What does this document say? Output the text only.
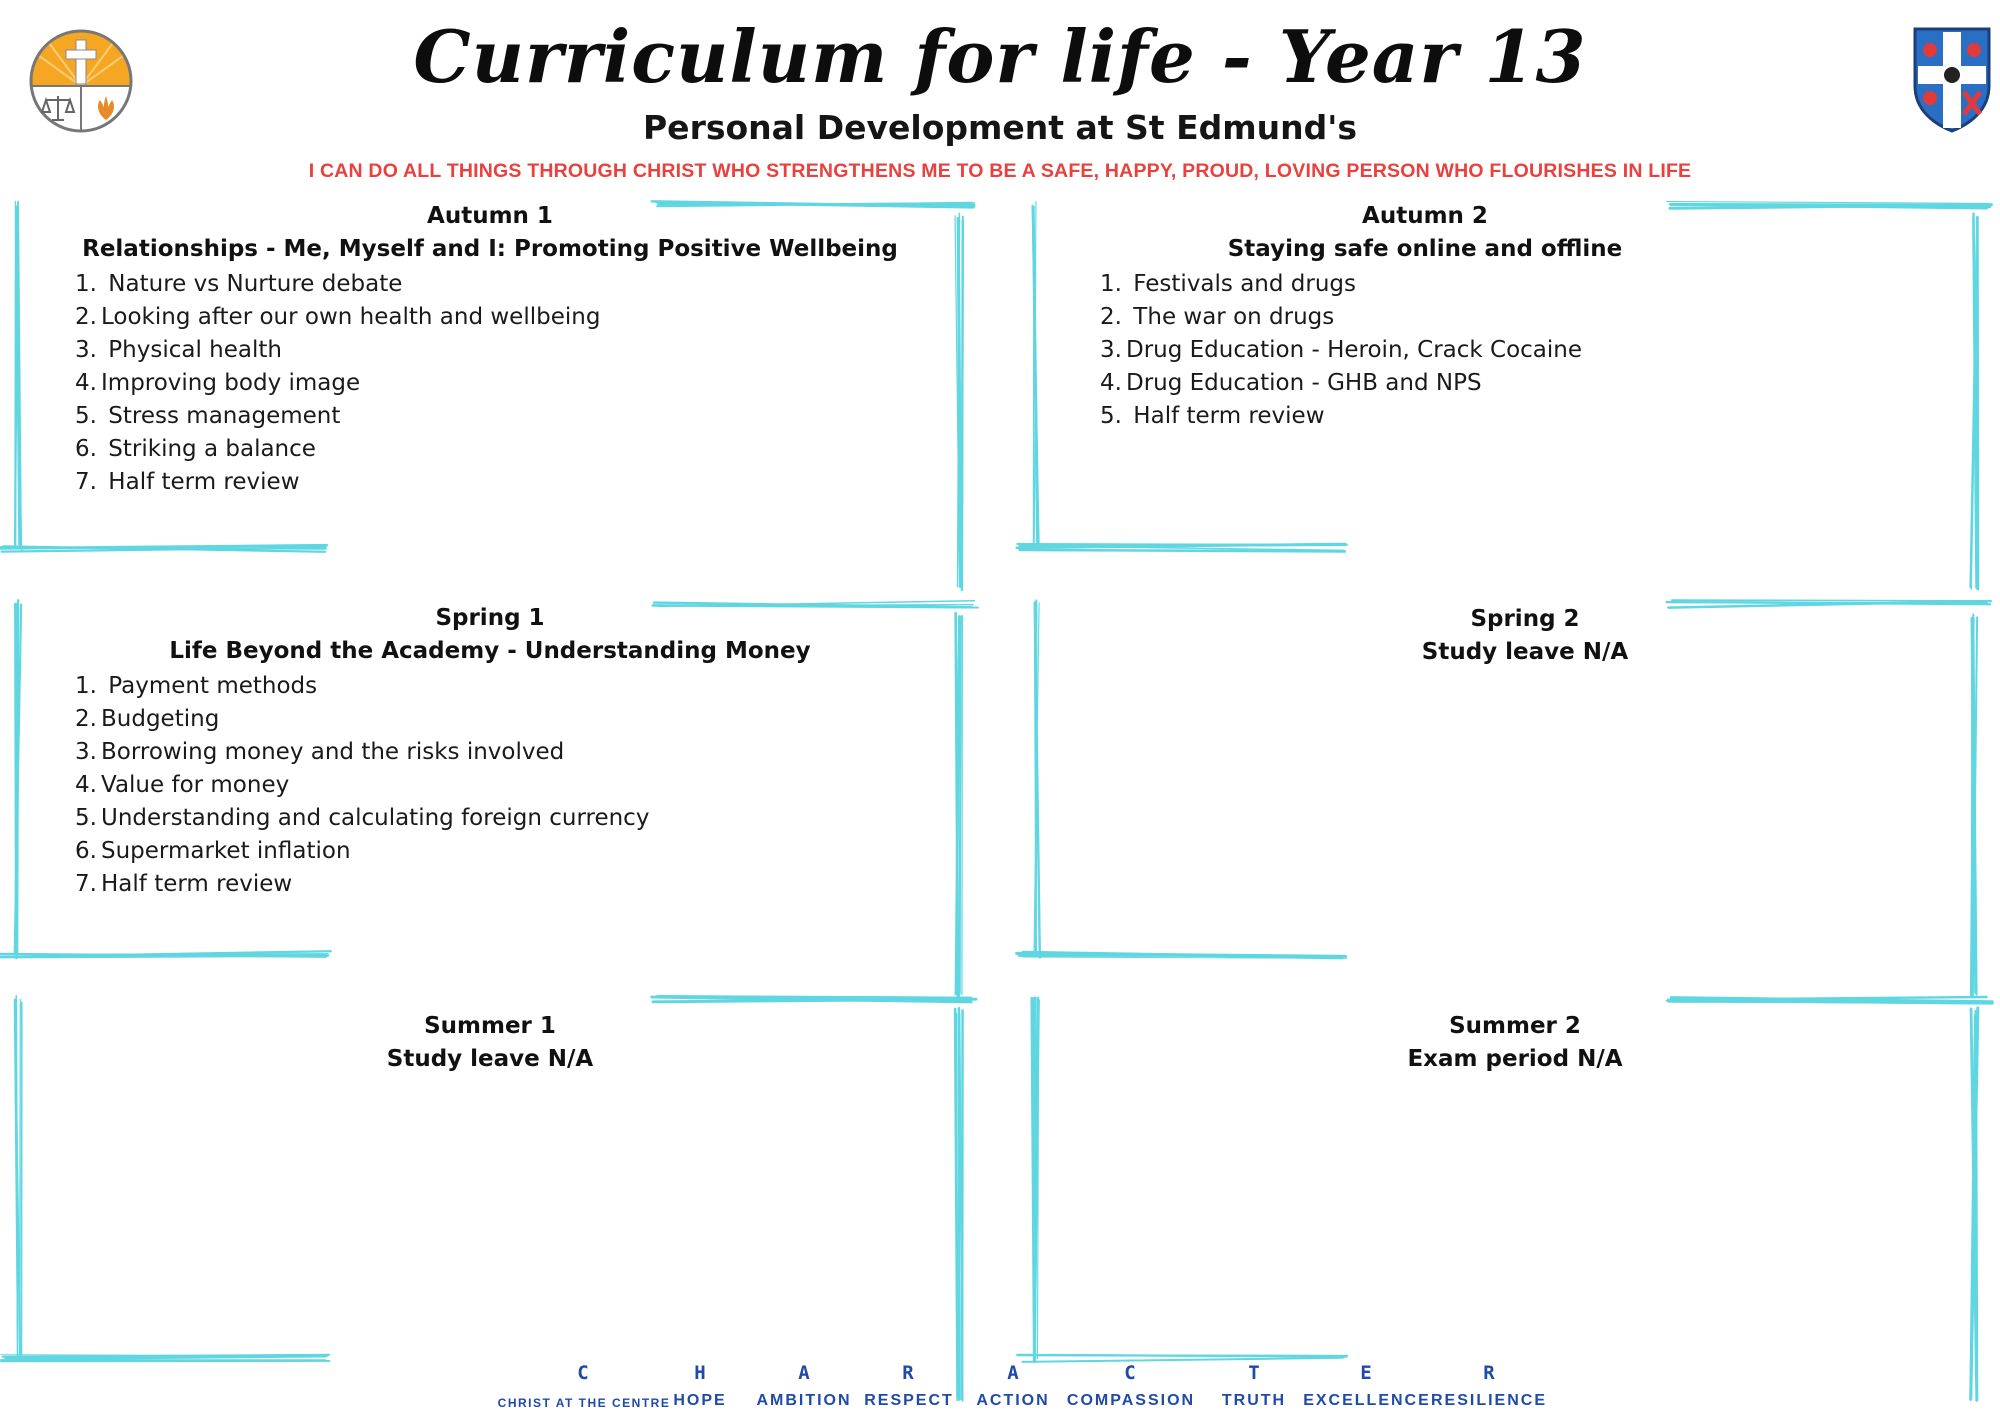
Curriculum for life - Year 13
Personal Development at St Edmund's
I CAN DO ALL THINGS THROUGH CHRIST WHO STRENGTHENS ME TO BE A SAFE, HAPPY, PROUD, LOVING PERSON WHO FLOURISHES IN LIFE
Autumn 1
Relationships - Me, Myself and I: Promoting Positive Wellbeing
1. Nature vs Nurture debate
2. Looking after our own health and wellbeing
3. Physical health
4. Improving body image
5. Stress management
6. Striking a balance
7. Half term review
Autumn 2
Staying safe online and offline
1. Festivals and drugs
2. The war on drugs
3. Drug Education - Heroin, Crack Cocaine
4. Drug Education - GHB and NPS
5. Half term review
Spring 1
Life Beyond the Academy - Understanding Money
1. Payment methods
2. Budgeting
3. Borrowing money and the risks involved
4. Value for money
5. Understanding and calculating foreign currency
6. Supermarket inflation
7. Half term review
Spring 2
Study leave N/A
Summer 1
Study leave N/A
Summer 2
Exam period N/A
C	H	A	R	A	C	T	E	R
CHRIST AT THE CENTRE HOPE AMBITION RESPECT ACTION COMPASSION TRUTH EXCELLENCE RESILIENCE
